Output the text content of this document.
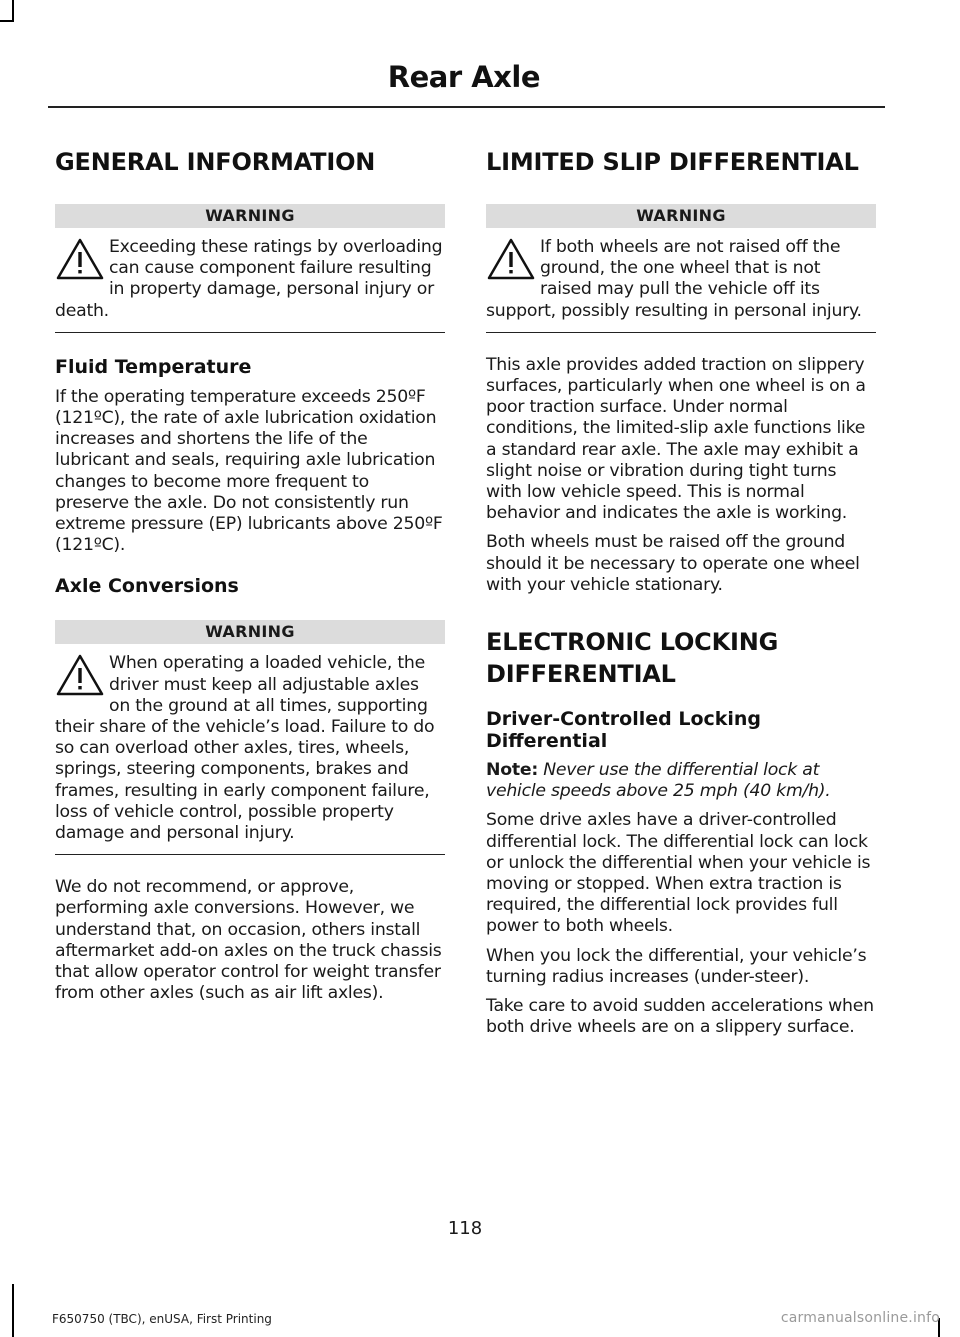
Rear Axle
GENERAL INFORMATION
WARNING
Exceeding these ratings by overloading can cause component failure resulting in property damage, personal injury or death.
Fluid Temperature

If the operating temperature exceeds 250ºF (121ºC), the rate of axle lubrication oxidation increases and shortens the life of the lubricant and seals, requiring axle lubrication changes to become more frequent to preserve the axle. Do not consistently run extreme pressure (EP) lubricants above 250ºF (121ºC).

Axle Conversions
WARNING
When operating a loaded vehicle, the driver must keep all adjustable axles on the ground at all times, supporting their share of the vehicle’s load. Failure to do so can overload other axles, tires, wheels, springs, steering components, brakes and frames, resulting in early component failure, loss of vehicle control, possible property damage and personal injury.

We do not recommend, or approve, performing axle conversions. However, we understand that, on occasion, others install aftermarket add-on axles on the truck chassis that allow operator control for weight transfer from other axles (such as air lift axles).

LIMITED SLIP DIFFERENTIAL
WARNING
If both wheels are not raised off the ground, the one wheel that is not raised may pull the vehicle off its support, possibly resulting in personal injury.

This axle provides added traction on slippery surfaces, particularly when one wheel is on a poor traction surface. Under normal conditions, the limited-slip axle functions like a standard rear axle. The axle may exhibit a slight noise or vibration during tight turns with low vehicle speed. This is normal behavior and indicates the axle is working.

Both wheels must be raised off the ground should it be necessary to operate one wheel with your vehicle stationary.

ELECTRONIC LOCKING
DIFFERENTIAL
Driver-Controlled Locking Differential

Note: Never use the differential lock at vehicle speeds above 25 mph (40 km/h).

Some drive axles have a driver-controlled differential lock. The differential lock can lock or unlock the differential when your vehicle is moving or stopped. When extra traction is required, the differential lock provides full power to both wheels.

When you lock the differential, your vehicle’s turning radius increases (under-steer).

Take care to avoid sudden accelerations when both drive wheels are on a slippery surface.

118
F650750 (TBC), enUSA, First Printing	carmanualsonline.info
